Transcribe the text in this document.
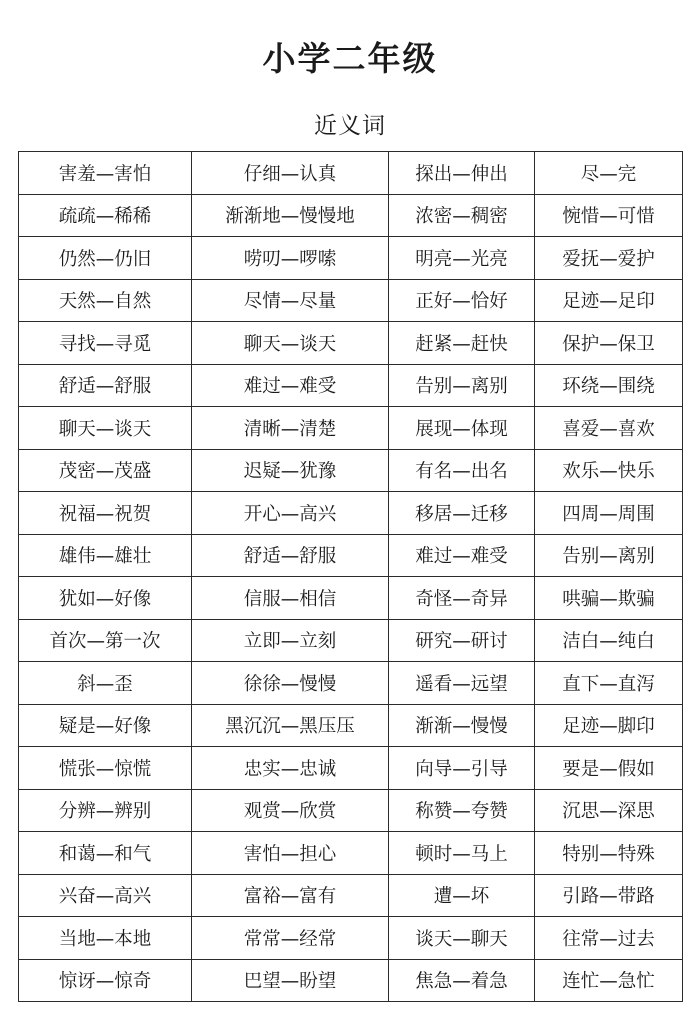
小学二年级
近义词
害羞—害怕	仔细—认真	探出—伸出	尽—完
疏疏—稀稀	渐渐地—慢慢地	浓密—稠密	惋惜—可惜
仍然—仍旧	唠叨—啰嗦	明亮—光亮	爱抚—爱护
天然—自然	尽情—尽量	正好—恰好	足迹—足印
寻找—寻觅	聊天—谈天	赶紧—赶快	保护—保卫
舒适—舒服	难过—难受	告别—离别	环绕—围绕
聊天—谈天	清晰—清楚	展现—体现	喜爱—喜欢
茂密—茂盛	迟疑—犹豫	有名—出名	欢乐—快乐
祝福—祝贺	开心—高兴	移居—迁移	四周—周围
雄伟—雄壮	舒适—舒服	难过—难受	告别—离别
犹如—好像	信服—相信	奇怪—奇异	哄骗—欺骗
首次—第一次	立即—立刻	研究—研讨	洁白—纯白
斜—歪	徐徐—慢慢	遥看—远望	直下—直泻
疑是—好像	黑沉沉—黑压压	渐渐—慢慢	足迹—脚印
慌张—惊慌	忠实—忠诚	向导—引导	要是—假如
分辨—辨别	观赏—欣赏	称赞—夸赞	沉思—深思
和蔼—和气	害怕—担心	顿时—马上	特别—特殊
兴奋—高兴	富裕—富有	遭—坏	引路—带路
当地—本地	常常—经常	谈天—聊天	往常—过去
惊讶—惊奇	巴望—盼望	焦急—着急	连忙—急忙
